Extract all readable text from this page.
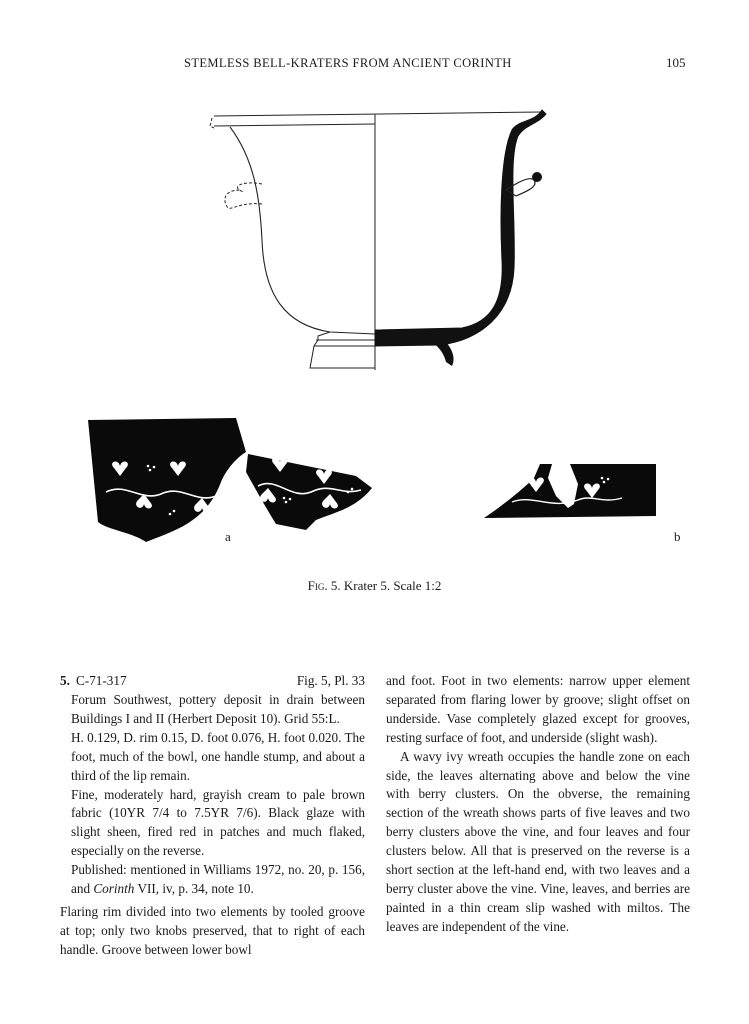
STEMLESS BELL-KRATERS FROM ANCIENT CORINTH	105
a	b
Fig. 5. Krater 5. Scale 1:2
5. C-71-317	Fig. 5, Pl. 33

Forum Southwest, pottery deposit in drain between Buildings I and II (Herbert Deposit 10). Grid 55:L.

H. 0.129, D. rim 0.15, D. foot 0.076, H. foot 0.020. The foot, much of the bowl, one handle stump, and about a third of the lip remain.

Fine, moderately hard, grayish cream to pale brown fabric (10YR 7/4 to 7.5YR 7/6). Black glaze with slight sheen, fired red in patches and much flaked, especially on the reverse.

Published: mentioned in Williams 1972, no. 20, p. 156, and Corinth VII, iv, p. 34, note 10.

Flaring rim divided into two elements by tooled groove at top; only two knobs preserved, that to right of each handle. Groove between lower bowl

and foot. Foot in two elements: narrow upper element separated from flaring lower by groove; slight offset on underside. Vase completely glazed except for grooves, resting surface of foot, and underside (slight wash).

A wavy ivy wreath occupies the handle zone on each side, the leaves alternating above and below the vine with berry clusters. On the obverse, the remaining section of the wreath shows parts of five leaves and two berry clusters above the vine, and four leaves and four clusters below. All that is preserved on the reverse is a short section at the left-hand end, with two leaves and a berry cluster above the vine. Vine, leaves, and berries are painted in a thin cream slip washed with miltos. The leaves are independent of the vine.
